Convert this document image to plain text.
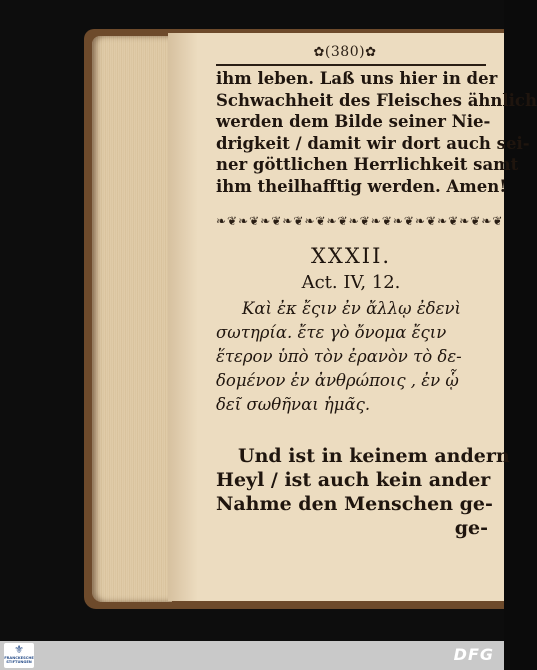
✿(380)✿
ihm leben. Laß uns hier in der
Schwachheit des Fleisches ähnlich
werden dem Bilde seiner Nie-
drigkeit / damit wir dort auch sei-
ner göttlichen Herrlichkeit samt
ihm theilhafftig werden. Amen!
❧❦❧❦❧❦❧❦❧❦❧❦❧❦❧❦❧❦❧❦❧❦❧❦❧❦
XXXII.
Act. IV, 12.
Καὶ ἐκ ἔςιν ἐν ἄλλῳ ἐδενὶ
σωτηρία. ἔτε γὸ ὄνομα ἔςιν
ἕτερον ὑπὸ τὸν ἐρανὸν τὸ δε-
δομένον ἐν ἀνθρώποις , ἐν ᾧ
δεῖ σωθῆναι ἡμᾶς.
Und ist in keinem andern
Heyl / ist auch kein ander
Nahme den Menschen ge-
ge-
⚜
FRANCKESCHE STIFTUNGEN	DFG
